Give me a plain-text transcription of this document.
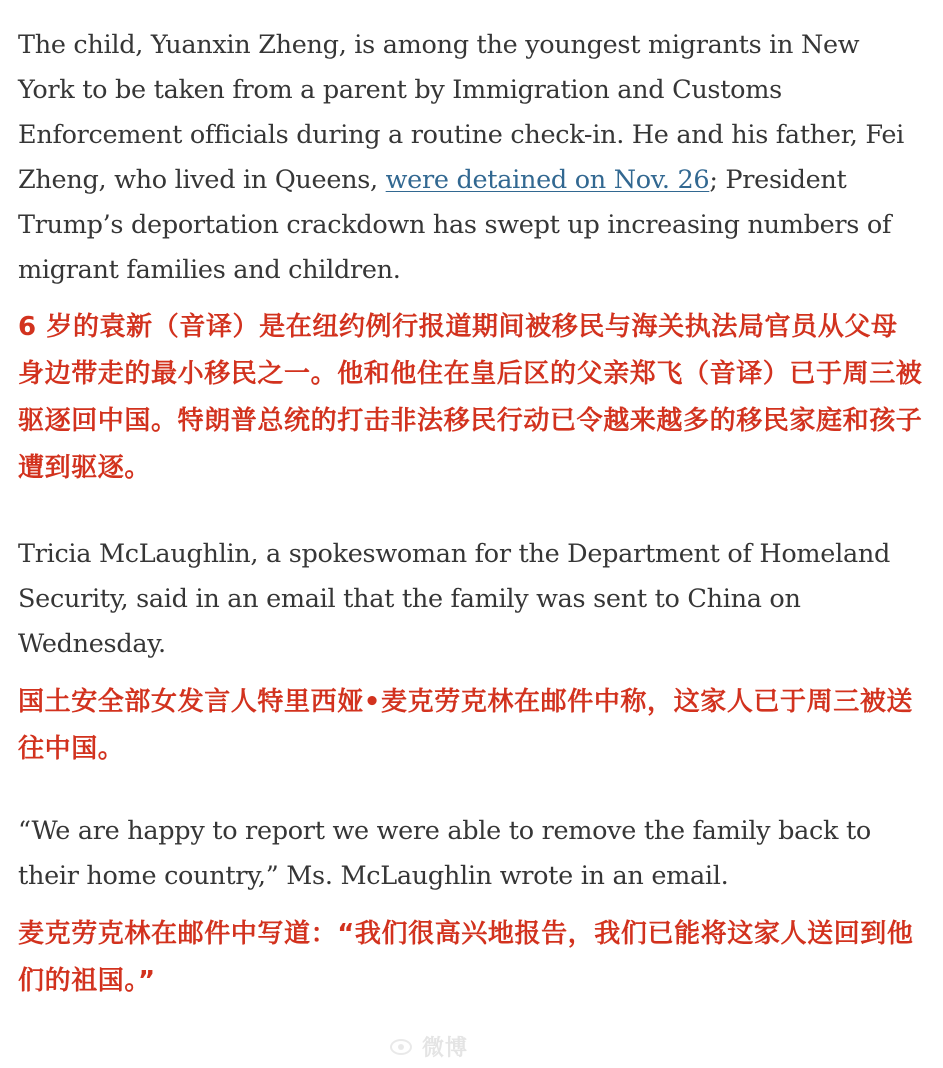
The child, Yuanxin Zheng, is among the youngest migrants in New York to be taken from a parent by Immigration and Customs Enforcement officials during a routine check-in. He and his father, Fei Zheng, who lived in Queens, were detained on Nov. 26; President Trump’s deportation crackdown has swept up increasing numbers of migrant families and children.

6 岁的袁新（音译）是在纽约例行报道期间被移民与海关执法局官员从父母身边带走的最小移民之一。他和他住在皇后区的父亲郑飞（音译）已于周三被驱逐回中国。特朗普总统的打击非法移民行动已令越来越多的移民家庭和孩子遭到驱逐。

Tricia McLaughlin, a spokeswoman for the Department of Homeland Security, said in an email that the family was sent to China on Wednesday.

国土安全部女发言人特里西娅•麦克劳克林在邮件中称，这家人已于周三被送往中国。

“We are happy to report we were able to remove the family back to their home country,” Ms. McLaughlin wrote in an email.

麦克劳克林在邮件中写道：“我们很高兴地报告，我们已能将这家人送回到他们的祖国。”

微博
